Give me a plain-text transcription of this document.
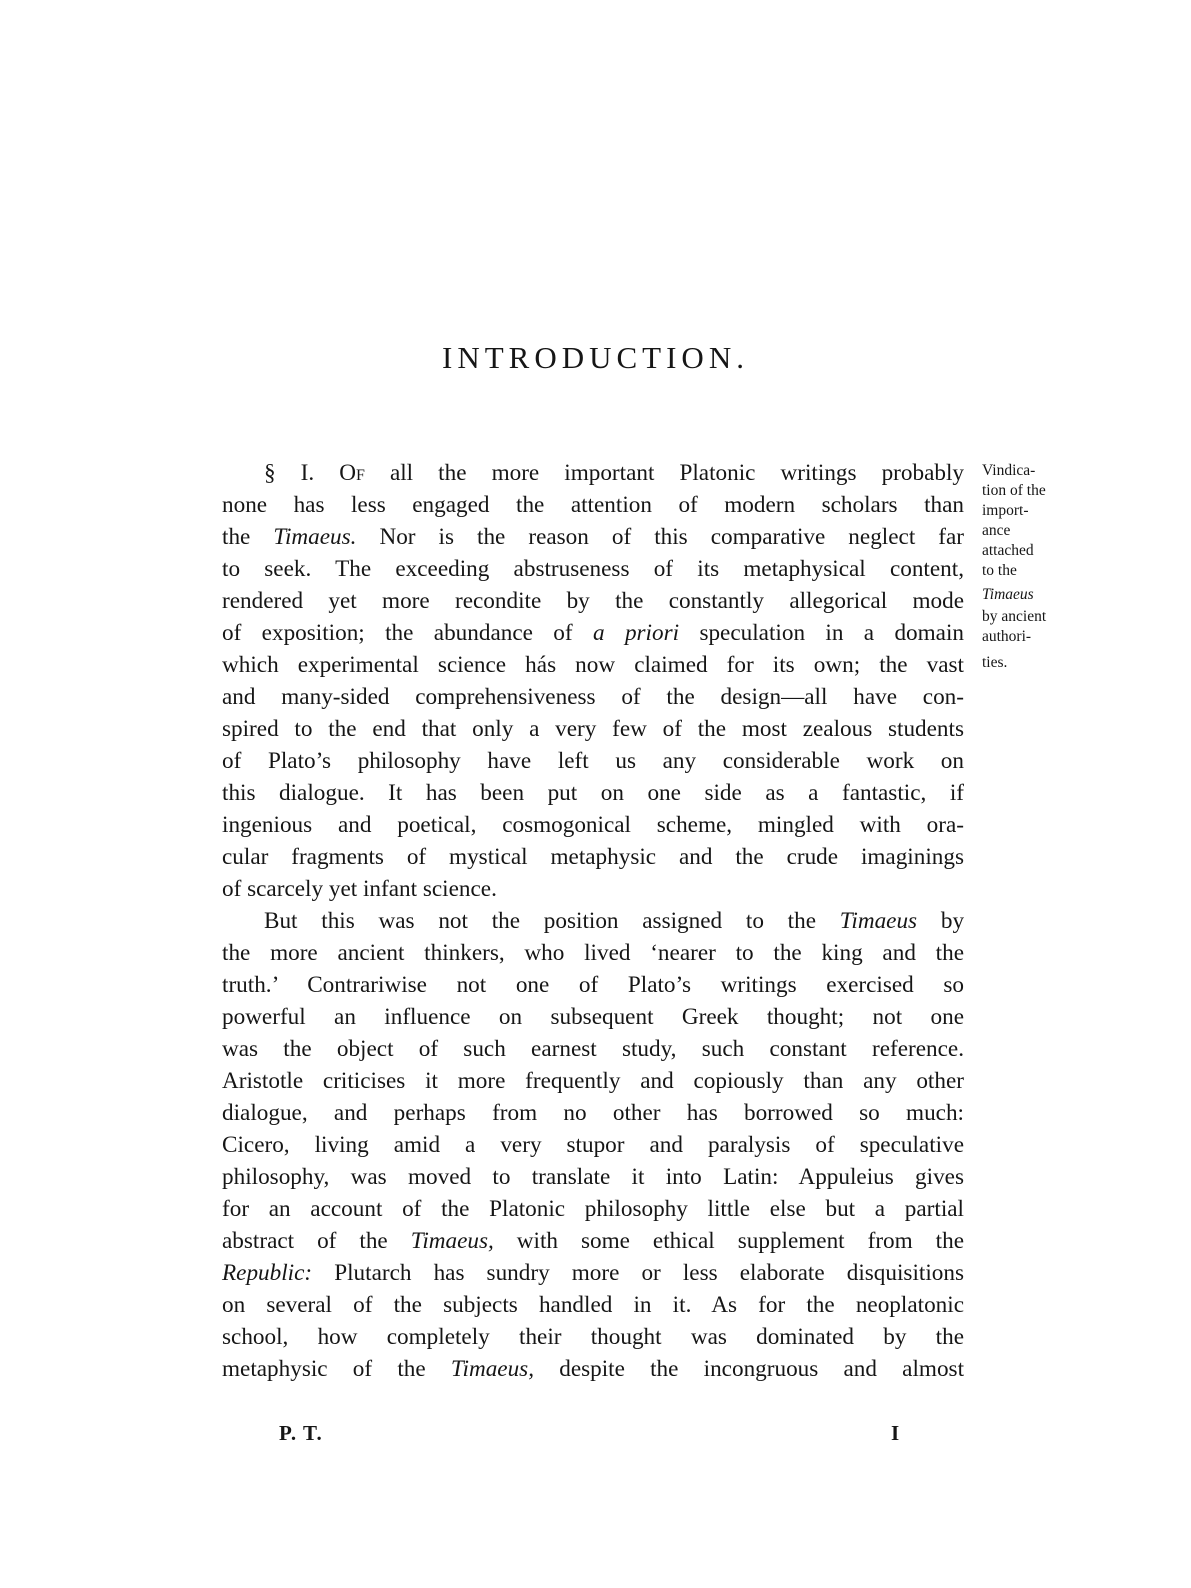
INTRODUCTION.
§ I. Of all the more important Platonic writings probably
none has less engaged the attention of modern scholars than
the Timaeus. Nor is the reason of this comparative neglect far
to seek. The exceeding abstruseness of its metaphysical content,
rendered yet more recondite by the constantly allegorical mode
of exposition; the abundance of a priori speculation in a domain
which experimental science hás now claimed for its own; the vast
and many-sided comprehensiveness of the design—all have con-
spired to the end that only a very few of the most zealous students
of Plato’s philosophy have left us any considerable work on
this dialogue. It has been put on one side as a fantastic, if
ingenious and poetical, cosmogonical scheme, mingled with ora-
cular fragments of mystical metaphysic and the crude imaginings
of scarcely yet infant science.
But this was not the position assigned to the Timaeus by
the more ancient thinkers, who lived ‘nearer to the king and the
truth.’ Contrariwise not one of Plato’s writings exercised so
powerful an influence on subsequent Greek thought; not one
was the object of such earnest study, such constant reference.
Aristotle criticises it more frequently and copiously than any other
dialogue, and perhaps from no other has borrowed so much:
Cicero, living amid a very stupor and paralysis of speculative
philosophy, was moved to translate it into Latin: Appuleius gives
for an account of the Platonic philosophy little else but a partial
abstract of the Timaeus, with some ethical supplement from the
Republic: Plutarch has sundry more or less elaborate disquisitions
on several of the subjects handled in it. As for the neoplatonic
school, how completely their thought was dominated by the
metaphysic of the Timaeus, despite the incongruous and almost
Vindica-
tion of the
import-
ance
attached
to the
Timaeus
by ancient
authori-
ties.
P. T.	I
